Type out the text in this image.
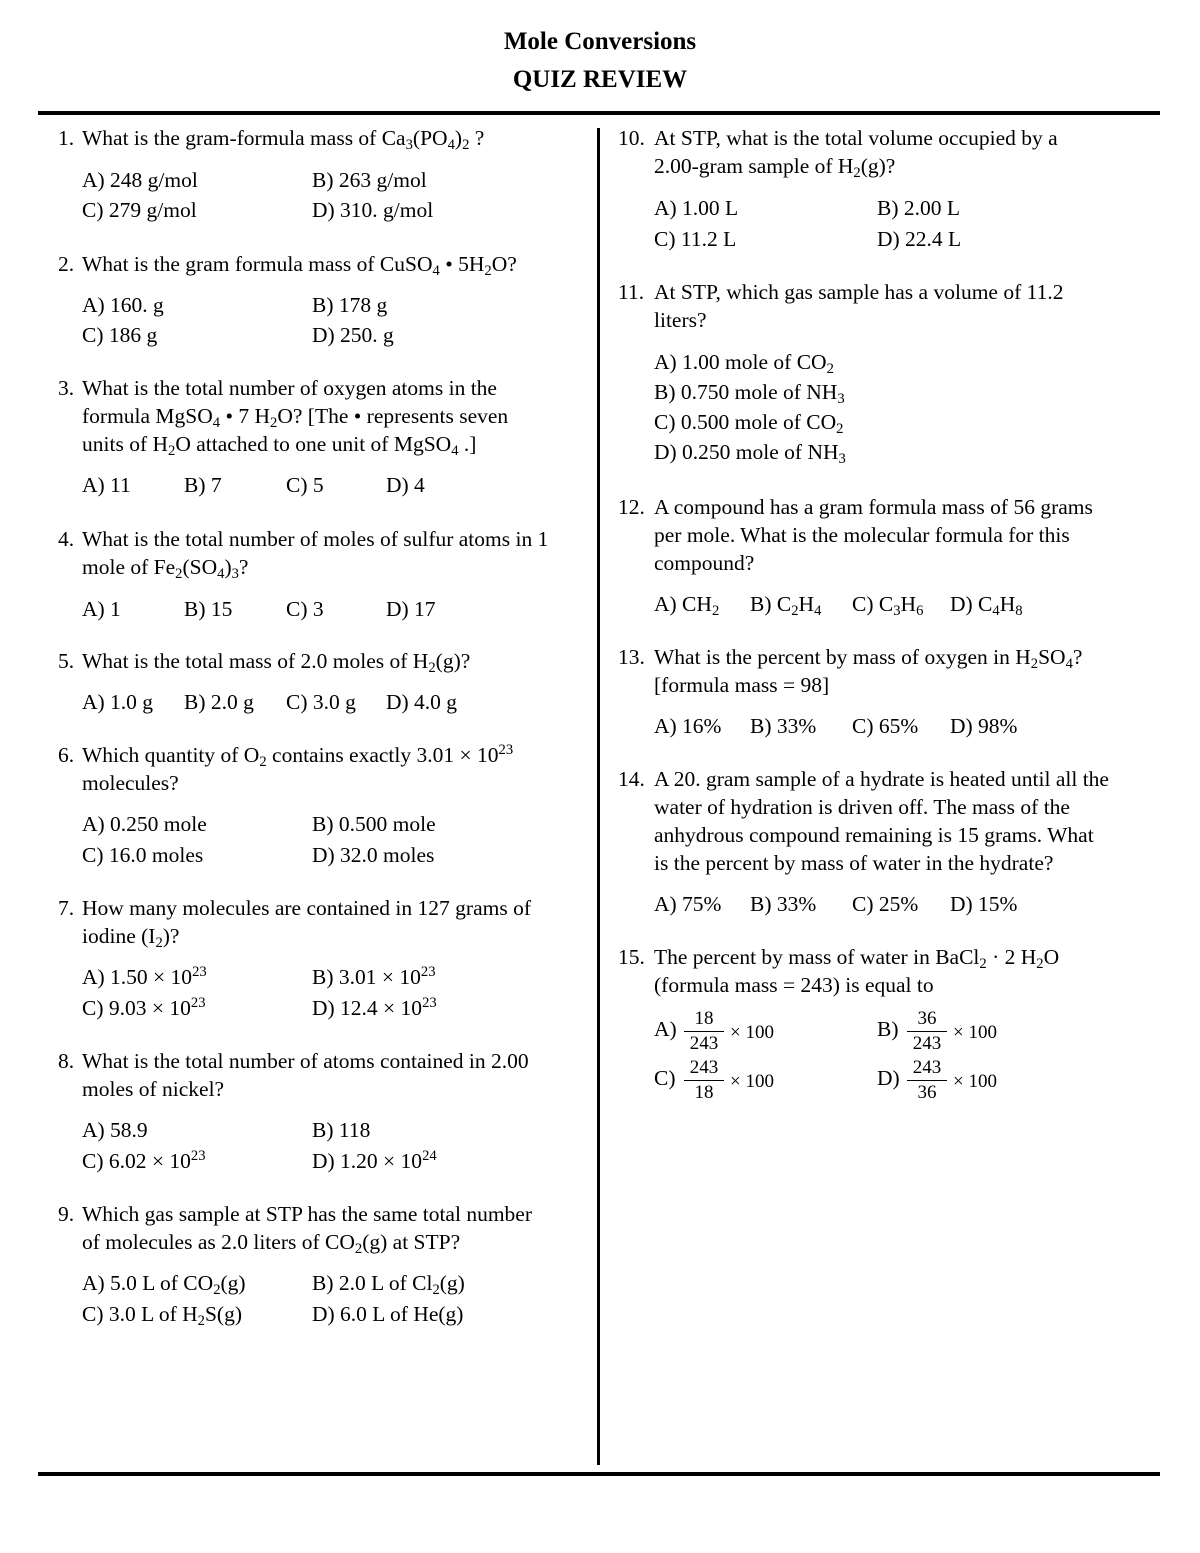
Mole Conversions
QUIZ REVIEW
1. What is the gram-formula mass of $Ca_3(PO_4)_2$ ?
A) 248 g/mol	B) 263 g/mol
C) 279 g/mol	D) 310. g/mol
2. What is the gram formula mass of CuSO$_4$ • $5H_2O$?
A) 160. g	B) 178 g
C) 186 g	D) 250. g
3. What is the total number of oxygen atoms in the
formula MgSO$_4$ • 7 $H_2O$? [The • represents seven
units of $H_2O$ attached to one unit of MgSO$_4$ .]
A) 11 B) 7	C) 5	D) 4
4. What is the total number of moles of sulfur atoms in 1
mole of $Fe_2(SO_4)_3$?
A) 1	B) 15 C) 3	D) 17
5. What is the total mass of 2.0 moles of $H_2(g)$?
A) 1.0 g B) 2.0 g C) 3.0 g D) 4.0 g
6. Which quantity of $O_2$ contains exactly $3.01 \times 10^{23}$
molecules?
A) 0.250 mole	B) 0.500 mole
C) 16.0 moles	D) 32.0 moles
7. How many molecules are contained in 127 grams of
iodine $(I_2)$?
A) $1.50 \times 10^{23}$	B) $3.01 \times 10^{23}$
C) $9.03 \times 10^{23}$	D) $12.4 \times 10^{23}$
8. What is the total number of atoms contained in 2.00
moles of nickel?
A) 58.9	B) 118
C) $6.02 \times 10^{23}$	D) $1.20 \times 10^{24}$
9. Which gas sample at STP has the same total number
of molecules as 2.0 liters of $CO_2(g)$ at STP?
A) 5.0 L of $CO_2(g)$	B) 2.0 L of $Cl_2(g)$
C) 3.0 L of $H_2S(g)$	D) 6.0 L of He(g)
10. At STP, what is the total volume occupied by a
2.00-gram sample of $H_2(g)$?
A) 1.00 L	B) 2.00 L
C) 11.2 L	D) 22.4 L
11. At STP, which gas sample has a volume of 11.2
liters?
A) 1.00 mole of $CO_2$
B) 0.750 mole of $NH_3$
C) 0.500 mole of $CO_2$
D) 0.250 mole of $NH_3$
12. A compound has a gram formula mass of 56 grams
per mole. What is the molecular formula for this
compound?
A) $CH_2$ B) $C_2H_4$ C) $C_3H_6$ D) $C_4H_8$
13. What is the percent by mass of oxygen in $H_2SO_4$?
[formula mass = 98]
A) 16% B) 33% C) 65% D) 98%
14. A 20. gram sample of a hydrate is heated until all the
water of hydration is driven off. The mass of the
anhydrous compound remaining is 15 grams. What
is the percent by mass of water in the hydrate?
A) 75% B) 33% C) 25% D) 15%
15. The percent by mass of water in BaCl$_2$ · 2 $H_2O$
(formula mass = 243) is equal to
$A) \frac{18}{243} \times 100$	$B) \frac{36}{243} \times 100$
$C) \frac{243}{18} \times 100$	$D) \frac{243}{36} \times 100$
